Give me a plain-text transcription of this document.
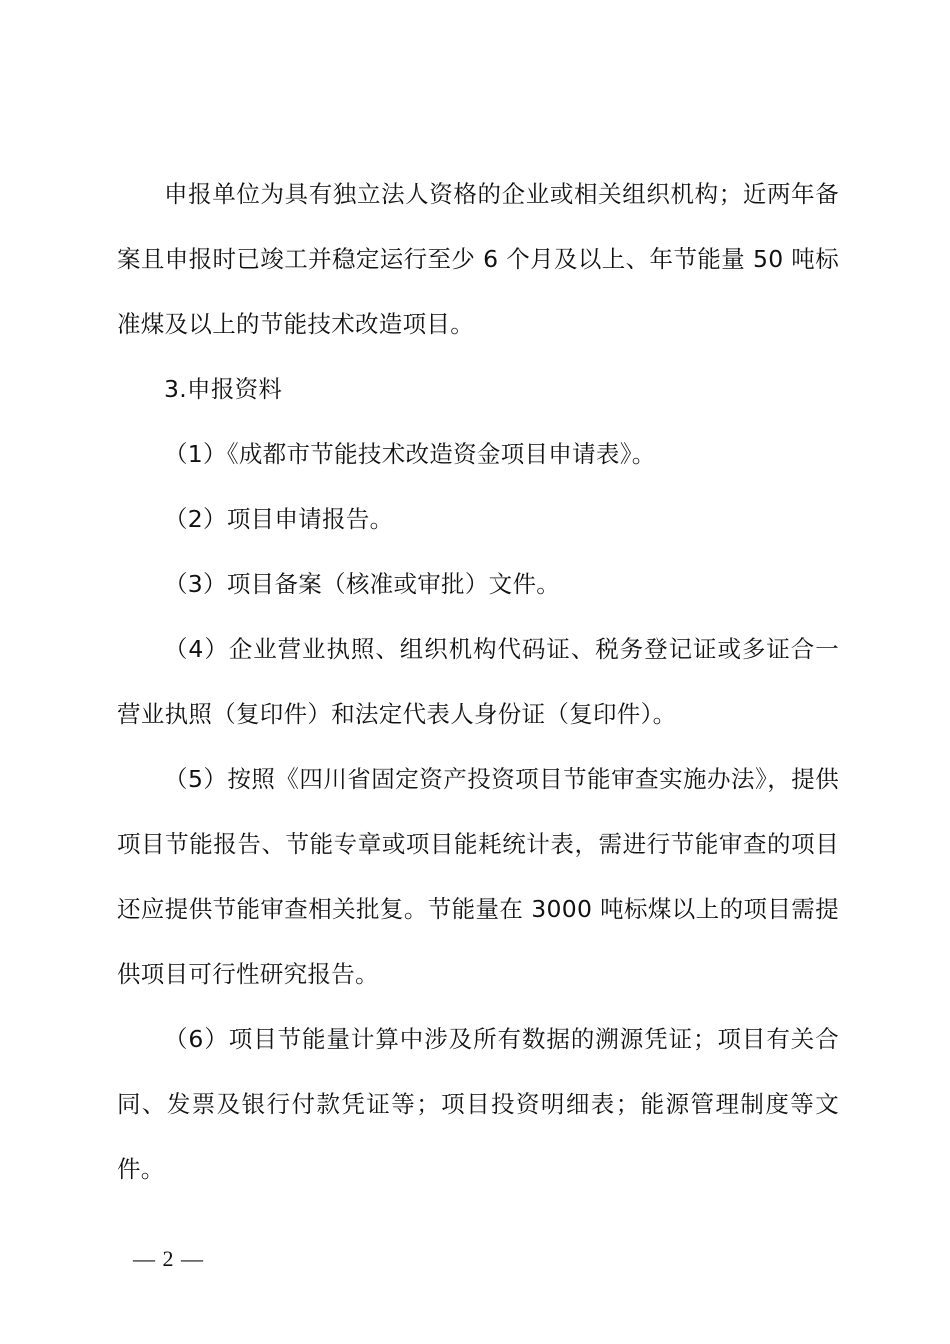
申报单位为具有独立法人资格的企业或相关组织机构；近两年备案且申报时已竣工并稳定运行至少 6 个月及以上、年节能量 50 吨标准煤及以上的节能技术改造项目。

3.申报资料

（1）《成都市节能技术改造资金项目申请表》。

（2）项目申请报告。

（3）项目备案（核准或审批）文件。

（4）企业营业执照、组织机构代码证、税务登记证或多证合一营业执照（复印件）和法定代表人身份证（复印件）。

（5）按照《四川省固定资产投资项目节能审查实施办法》，提供项目节能报告、节能专章或项目能耗统计表，需进行节能审查的项目还应提供节能审查相关批复。节能量在 3000 吨标煤以上的项目需提供项目可行性研究报告。

（6）项目节能量计算中涉及所有数据的溯源凭证；项目有关合同、发票及银行付款凭证等；项目投资明细表；能源管理制度等文件。

— 2 —
